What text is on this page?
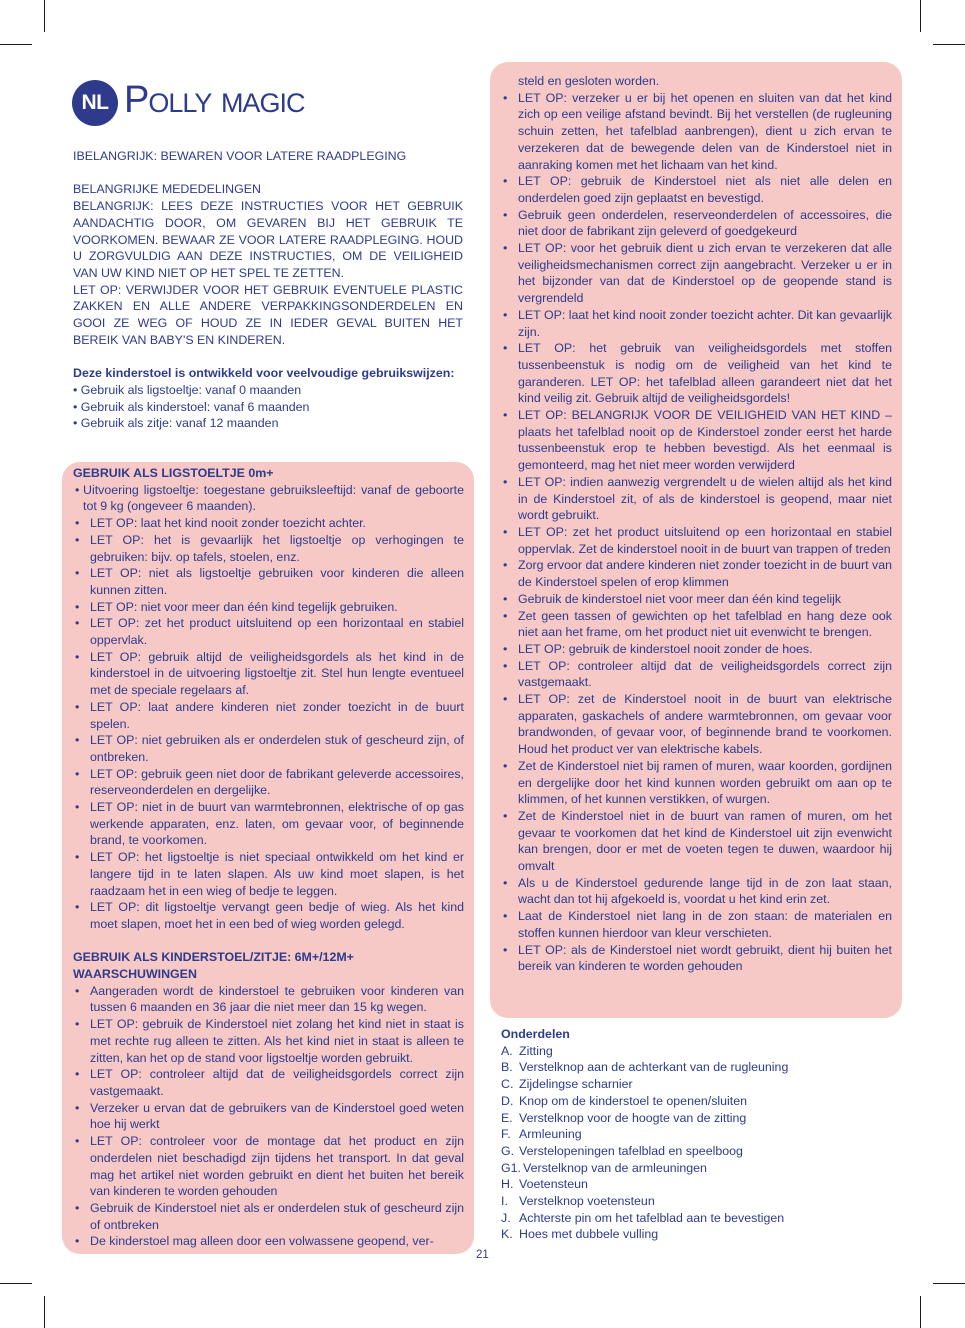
NL Polly magic

IBELANGRIJK: BEWAREN VOOR LATERE RAADPLEGING

BELANGRIJKE MEDEDELINGEN

BELANGRIJK: LEES DEZE INSTRUCTIES VOOR HET GEBRUIK AANDACHTIG DOOR, OM GEVAREN BIJ HET GEBRUIK TE VOORKOMEN. BEWAAR ZE VOOR LATERE RAADPLEGING. HOUD U ZORGVULDIG AAN DEZE INSTRUCTIES, OM DE VEILIGHEID VAN UW KIND NIET OP HET SPEL TE ZETTEN.

LET OP: VERWIJDER VOOR HET GEBRUIK EVENTUELE PLASTIC ZAKKEN EN ALLE ANDERE VERPAKKINGSONDERDELEN EN GOOI ZE WEG OF HOUD ZE IN IEDER GEVAL BUITEN HET BEREIK VAN BABY'S EN KINDEREN.

Deze kinderstoel is ontwikkeld voor veelvoudige gebruikswijzen:

• Gebruik als ligstoeltje: vanaf 0 maanden

• Gebruik als kinderstoel: vanaf 6 maanden

• Gebruik als zitje: vanaf 12 maanden

GEBRUIK ALS LIGSTOELTJE 0m+
• Uitvoering ligstoeltje: toegestane gebruiksleeftijd: vanaf de geboorte tot 9 kg (ongeveer 6 maanden).
• LET OP: laat het kind nooit zonder toezicht achter.
• LET OP: het is gevaarlijk het ligstoeltje op verhogingen te gebruiken: bijv. op tafels, stoelen, enz.
• LET OP: niet als ligstoeltje gebruiken voor kinderen die alleen kunnen zitten.
• LET OP: niet voor meer dan één kind tegelijk gebruiken.
• LET OP: zet het product uitsluitend op een horizontaal en stabiel oppervlak.
• LET OP: gebruik altijd de veiligheidsgordels als het kind in de kinderstoel in de uitvoering ligstoeltje zit. Stel hun lengte eventueel met de speciale regelaars af.
• LET OP: laat andere kinderen niet zonder toezicht in de buurt spelen.
• LET OP: niet gebruiken als er onderdelen stuk of gescheurd zijn, of ontbreken.
• LET OP: gebruik geen niet door de fabrikant geleverde accessoires, reserveonderdelen en dergelijke.
• LET OP: niet in de buurt van warmtebronnen, elektrische of op gas werkende apparaten, enz. laten, om gevaar voor, of beginnende brand, te voorkomen.
• LET OP: het ligstoeltje is niet speciaal ontwikkeld om het kind er langere tijd in te laten slapen. Als uw kind moet slapen, is het raadzaam het in een wieg of bedje te leggen.
• LET OP: dit ligstoeltje vervangt geen bedje of wieg. Als het kind moet slapen, moet het in een bed of wieg worden gelegd.
GEBRUIK ALS KINDERSTOEL/ZITJE: 6M+/12M+
WAARSCHUWINGEN
• Aangeraden wordt de kinderstoel te gebruiken voor kinderen van tussen 6 maanden en 36 jaar die niet meer dan 15 kg wegen.
• LET OP: gebruik de Kinderstoel niet zolang het kind niet in staat is met rechte rug alleen te zitten. Als het kind niet in staat is alleen te zitten, kan het op de stand voor ligstoeltje worden gebruikt.
• LET OP: controleer altijd dat de veiligheidsgordels correct zijn vastgemaakt.
• Verzeker u ervan dat de gebruikers van de Kinderstoel goed weten hoe hij werkt
• LET OP: controleer voor de montage dat het product en zijn onderdelen niet beschadigd zijn tijdens het transport. In dat geval mag het artikel niet worden gebruikt en dient het buiten het bereik van kinderen te worden gehouden
• Gebruik de Kinderstoel niet als er onderdelen stuk of gescheurd zijn of ontbreken
• De kinderstoel mag alleen door een volwassene geopend, ver-
steld en gesloten worden.
• LET OP: verzeker u er bij het openen en sluiten van dat het kind zich op een veilige afstand bevindt. Bij het verstellen (de rugleuning schuin zetten, het tafelblad aanbrengen), dient u zich ervan te verzekeren dat de bewegende delen van de Kinderstoel niet in aanraking komen met het lichaam van het kind.
• LET OP: gebruik de Kinderstoel niet als niet alle delen en onderdelen goed zijn geplaatst en bevestigd.
• Gebruik geen onderdelen, reserveonderdelen of accessoires, die niet door de fabrikant zijn geleverd of goedgekeurd
• LET OP: voor het gebruik dient u zich ervan te verzekeren dat alle veiligheidsmechanismen correct zijn aangebracht. Verzeker u er in het bijzonder van dat de Kinderstoel op de geopende stand is vergrendeld
• LET OP: laat het kind nooit zonder toezicht achter. Dit kan gevaarlijk zijn.
• LET OP: het gebruik van veiligheidsgordels met stoffen tussenbeenstuk is nodig om de veiligheid van het kind te garanderen. LET OP: het tafelblad alleen garandeert niet dat het kind veilig zit. Gebruik altijd de veiligheidsgordels!
• LET OP: BELANGRIJK VOOR DE VEILIGHEID VAN HET KIND – plaats het tafelblad nooit op de Kinderstoel zonder eerst het harde tussenbeenstuk erop te hebben bevestigd. Als het eenmaal is gemonteerd, mag het niet meer worden verwijderd
• LET OP: indien aanwezig vergrendelt u de wielen altijd als het kind in de Kinderstoel zit, of als de kinderstoel is geopend, maar niet wordt gebruikt.
• LET OP: zet het product uitsluitend op een horizontaal en stabiel oppervlak. Zet de kinderstoel nooit in de buurt van trappen of treden
• Zorg ervoor dat andere kinderen niet zonder toezicht in de buurt van de Kinderstoel spelen of erop klimmen
• Gebruik de kinderstoel niet voor meer dan één kind tegelijk
• Zet geen tassen of gewichten op het tafelblad en hang deze ook niet aan het frame, om het product niet uit evenwicht te brengen.
• LET OP: gebruik de kinderstoel nooit zonder de hoes.
• LET OP: controleer altijd dat de veiligheidsgordels correct zijn vastgemaakt.
• LET OP: zet de Kinderstoel nooit in de buurt van elektrische apparaten, gaskachels of andere warmtebronnen, om gevaar voor brandwonden, of gevaar voor, of beginnende brand te voorkomen. Houd het product ver van elektrische kabels.
• Zet de Kinderstoel niet bij ramen of muren, waar koorden, gordijnen en dergelijke door het kind kunnen worden gebruikt om aan op te klimmen, of het kunnen verstikken, of wurgen.
• Zet de Kinderstoel niet in de buurt van ramen of muren, om het gevaar te voorkomen dat het kind de Kinderstoel uit zijn evenwicht kan brengen, door er met de voeten tegen te duwen, waardoor hij omvalt
• Als u de Kinderstoel gedurende lange tijd in de zon laat staan, wacht dan tot hij afgekoeld is, voordat u het kind erin zet.
• Laat de Kinderstoel niet lang in de zon staan: de materialen en stoffen kunnen hierdoor van kleur verschieten.
• LET OP: als de Kinderstoel niet wordt gebruikt, dient hij buiten het bereik van kinderen te worden gehouden
Onderdelen
A. Zitting
B. Verstelknop aan de achterkant van de rugleuning
C. Zijdelingse scharnier
D. Knop om de kinderstoel te openen/sluiten
E. Verstelknop voor de hoogte van de zitting
F. Armleuning
G. Verstelopeningen tafelblad en speelboog
G1. Verstelknop van de armleuningen
H. Voetensteun
I. Verstelknop voetensteun
J. Achterste pin om het tafelblad aan te bevestigen
K. Hoes met dubbele vulling
21
